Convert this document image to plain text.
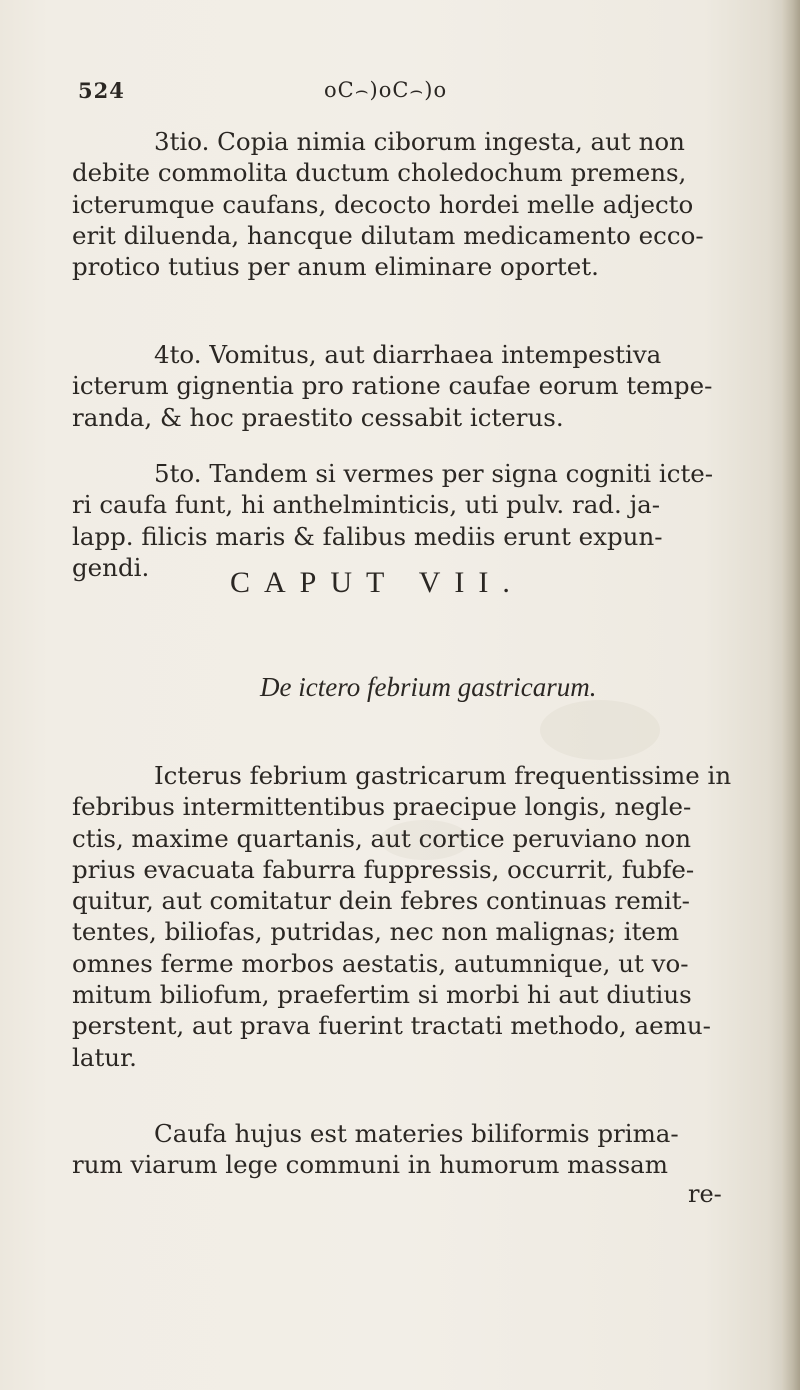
524	oC⌢)oC⌢)o

3tio. Copia nimia ciborum ingesta, aut non

debite commolita ductum choledochum premens,

icterumque caufans, decocto hordei melle adjecto

erit diluenda, hancque dilutam medicamento ecco-

protico tutius per anum eliminare oportet.

4to. Vomitus, aut diarrhaea intempestiva

icterum gignentia pro ratione caufae eorum tempe-

randa, & hoc praestito cessabit icterus.

5to. Tandem si vermes per signa cogniti icte-

ri caufa funt, hi anthelminticis, uti pulv. rad. ja-

lapp. filicis maris & falibus mediis erunt expun-

gendi.	CAPUT VII.
De ictero febrium gastricarum.

Icterus febrium gastricarum frequentissime in

febribus intermittentibus praecipue longis, negle-

ctis, maxime quartanis, aut cortice peruviano non

prius evacuata faburra fuppressis, occurrit, fubfe-

quitur, aut comitatur dein febres continuas remit-

tentes, biliofas, putridas, nec non malignas; item

omnes ferme morbos aestatis, autumnique, ut vo-

mitum biliofum, praefertim si morbi hi aut diutius

perstent, aut prava fuerint tractati methodo, aemu-

latur.

Caufa hujus est materies biliformis prima-

rum viarum lege communi in humorum massam

re-
